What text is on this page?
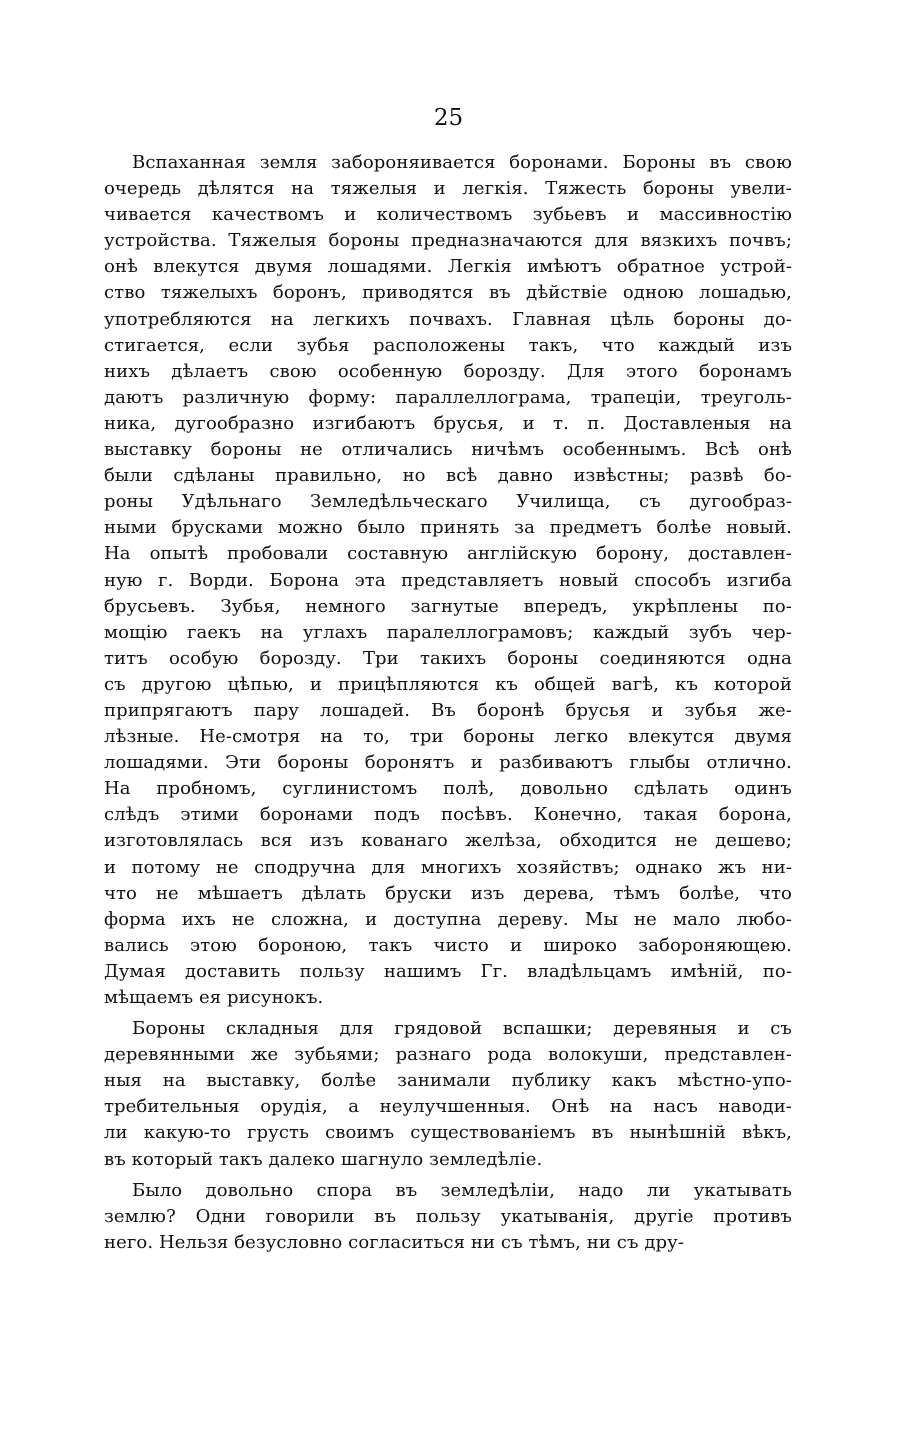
25
Вспаханная земля забороняивается боронами. Бороны въ свою
очередь дѣлятся на тяжелыя и легкія. Тяжесть бороны увели-
чивается качествомъ и количествомъ зубьевъ и массивностію
устройства. Тяжелыя бороны предназначаются для вязкихъ почвъ;
онѣ влекутся двумя лошадями. Легкія имѣютъ обратное устрой-
ство тяжелыхъ боронъ, приводятся въ дѣйствіе одною лошадью,
употребляются на легкихъ почвахъ. Главная цѣль бороны до-
стигается, если зубья расположены такъ, что каждый изъ
нихъ дѣлаетъ свою особенную борозду. Для этого боронамъ
даютъ различную форму: параллеллограма, трапеціи, треуголь-
ника, дугообразно изгибаютъ брусья, и т. п. Доставленыя на
выставку бороны не отличались ничѣмъ особеннымъ. Всѣ онѣ
были сдѣланы правильно, но всѣ давно извѣстны; развѣ бо-
роны Удѣльнаго Земледѣльческаго Училища, съ дугообраз-
ными брусками можно было принять за предметъ болѣе новый.
На опытѣ пробовали составную англійскую борону, доставлен-
ную г. Ворди. Борона эта представляетъ новый способъ изгиба
брусьевъ. Зубья, немного загнутые впередъ, укрѣплены по-
мощію гаекъ на углахъ паралеллограмовъ; каждый зубъ чер-
титъ особую борозду. Три такихъ бороны соединяются одна
съ другою цѣпью, и прицѣпляются къ общей вагѣ, къ которой
припрягаютъ пару лошадей. Въ боронѣ брусья и зубья же-
лѣзные. Не-смотря на то, три бороны легко влекутся двумя
лошадями. Эти бороны боронятъ и разбиваютъ глыбы отлично.
На пробномъ, суглинистомъ полѣ, довольно сдѣлать одинъ
слѣдъ этими боронами подъ посѣвъ. Конечно, такая борона,
изготовлялась вся изъ кованаго желѣза, обходится не дешево;
и потому не сподручна для многихъ хозяйствъ; однако жъ ни-
что не мѣшаетъ дѣлать бруски изъ дерева, тѣмъ болѣе, что
форма ихъ не сложна, и доступна дереву. Мы не мало любо-
вались этою бороною, такъ чисто и широко забороняющею.
Думая доставить пользу нашимъ Гг. владѣльцамъ имѣній, по-
мѣщаемъ ея рисунокъ.
Бороны складныя для грядовой вспашки; деревяныя и съ
деревянными же зубьями; разнаго рода волокуши, представлен-
ныя на выставку, болѣе занимали публику какъ мѣстно-упо-
требительныя орудія, а неулучшенныя. Онѣ на насъ наводи-
ли какую-то грусть своимъ существованіемъ въ нынѣшній вѣкъ,
въ который такъ далеко шагнуло земледѣліе.
Было довольно спора въ земледѣліи, надо ли укатывать
землю? Одни говорили въ пользу укатыванія, другіе противъ
него. Нельзя безусловно согласиться ни съ тѣмъ, ни съ дру-
